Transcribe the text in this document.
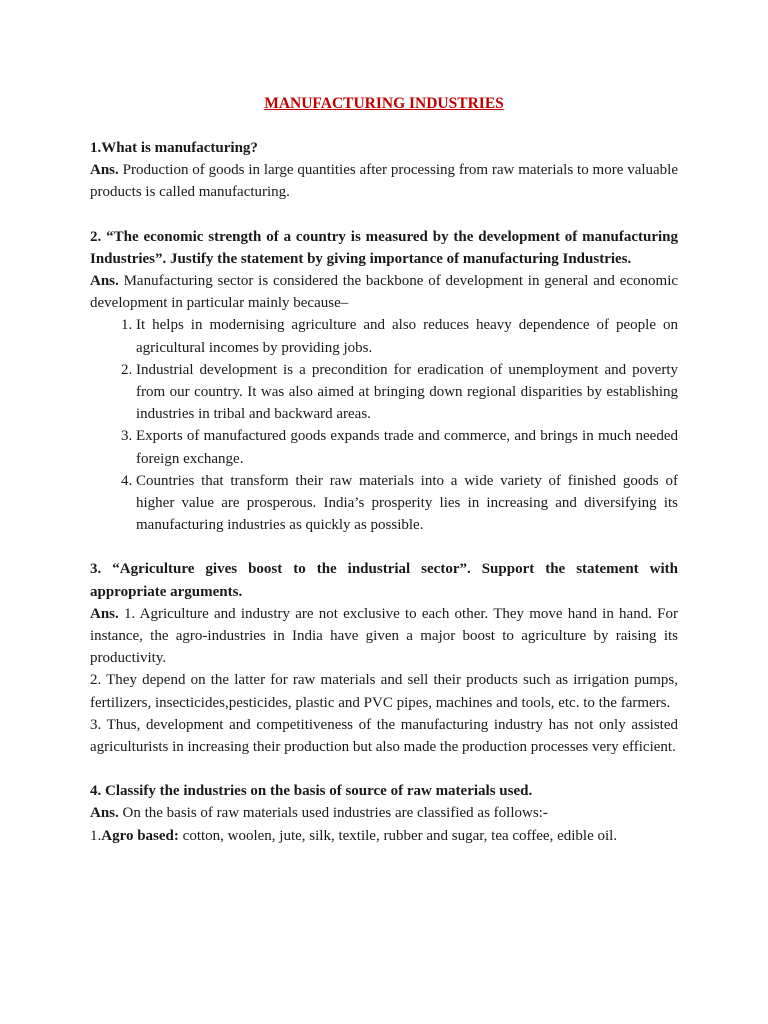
MANUFACTURING INDUSTRIES

1.What is manufacturing?

Ans. Production of goods in large quantities after processing from raw materials to more valuable products is called manufacturing.

2. “The economic strength of a country is measured by the development of manufacturing Industries”. Justify the statement by giving importance of manufacturing Industries.

Ans. Manufacturing sector is considered the backbone of development in general and economic development in particular mainly because–

1. It helps in modernising agriculture and also reduces heavy dependence of people on agricultural incomes by providing jobs.
2. Industrial development is a precondition for eradication of unemployment and poverty from our country. It was also aimed at bringing down regional disparities by establishing industries in tribal and backward areas.
3. Exports of manufactured goods expands trade and commerce, and brings in much needed foreign exchange.
4. Countries that transform their raw materials into a wide variety of finished goods of higher value are prosperous. India’s prosperity lies in increasing and diversifying its manufacturing industries as quickly as possible.

3. “Agriculture gives boost to the industrial sector”. Support the statement with appropriate arguments.

Ans. 1. Agriculture and industry are not exclusive to each other. They move hand in hand. For instance, the agro-industries in India have given a major boost to agriculture by raising its productivity.

2. They depend on the latter for raw materials and sell their products such as irrigation pumps, fertilizers, insecticides,pesticides, plastic and PVC pipes, machines and tools, etc. to the farmers.

3. Thus, development and competitiveness of the manufacturing industry has not only assisted agriculturists in increasing their production but also made the production processes very efficient.

4. Classify the industries on the basis of source of raw materials used.

Ans. On the basis of raw materials used industries are classified as follows:-

1.Agro based: cotton, woolen, jute, silk, textile, rubber and sugar, tea coffee, edible oil.
